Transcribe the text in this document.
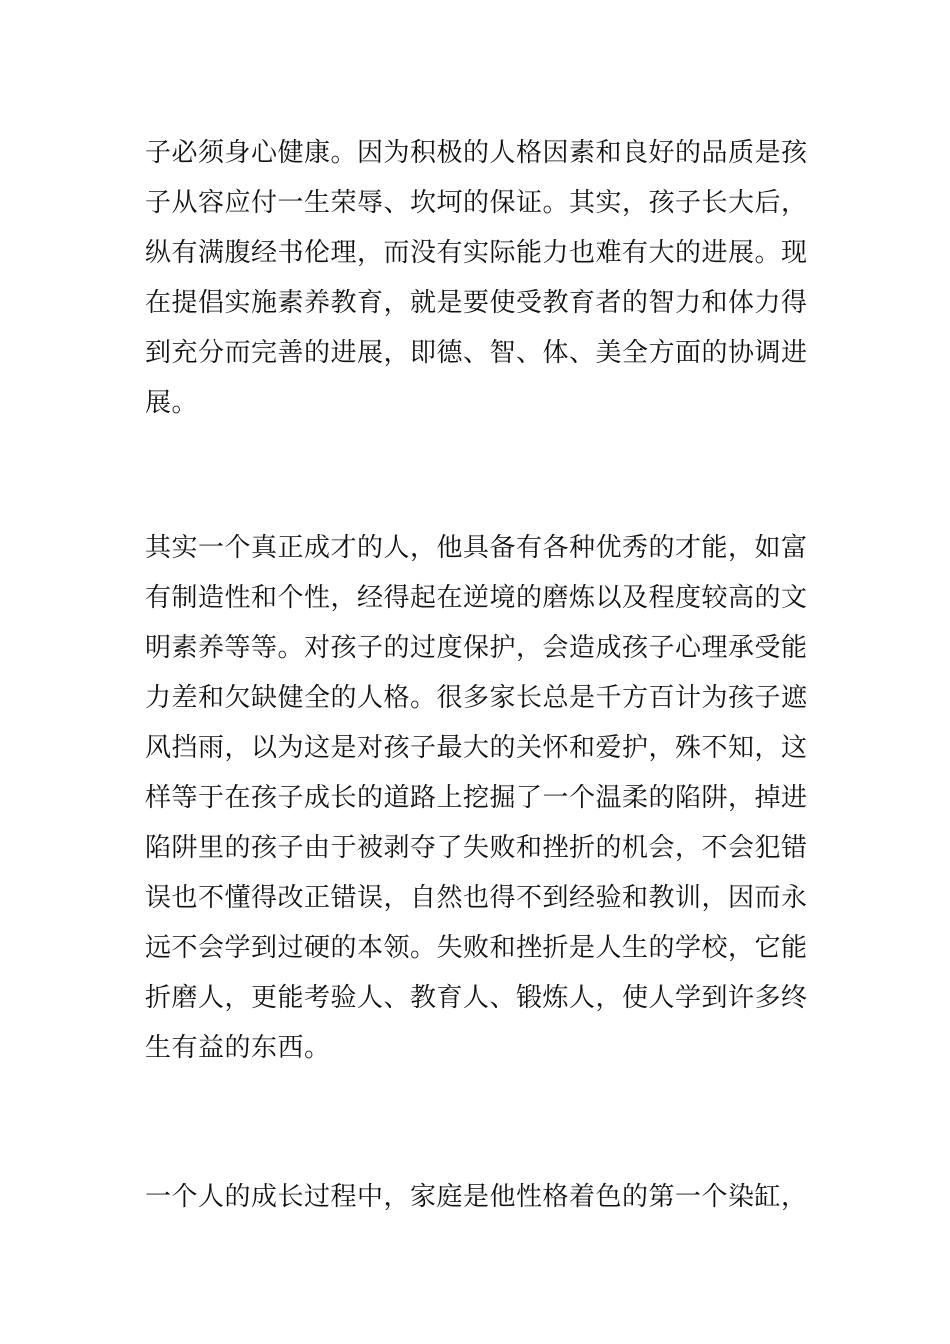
子必须身心健康。因为积极的人格因素和良好的品质是孩
子从容应付一生荣辱、坎坷的保证。其实，孩子长大后，
纵有满腹经书伦理，而没有实际能力也难有大的进展。现
在提倡实施素养教育，就是要使受教育者的智力和体力得
到充分而完善的进展，即德、智、体、美全方面的协调进
展。
其实一个真正成才的人，他具备有各种优秀的才能，如富
有制造性和个性，经得起在逆境的磨炼以及程度较高的文
明素养等等。对孩子的过度保护，会造成孩子心理承受能
力差和欠缺健全的人格。很多家长总是千方百计为孩子遮
风挡雨，以为这是对孩子最大的关怀和爱护，殊不知，这
样等于在孩子成长的道路上挖掘了一个温柔的陷阱，掉进
陷阱里的孩子由于被剥夺了失败和挫折的机会，不会犯错
误也不懂得改正错误，自然也得不到经验和教训，因而永
远不会学到过硬的本领。失败和挫折是人生的学校，它能
折磨人，更能考验人、教育人、锻炼人，使人学到许多终
生有益的东西。
一个人的成长过程中，家庭是他性格着色的第一个染缸，
